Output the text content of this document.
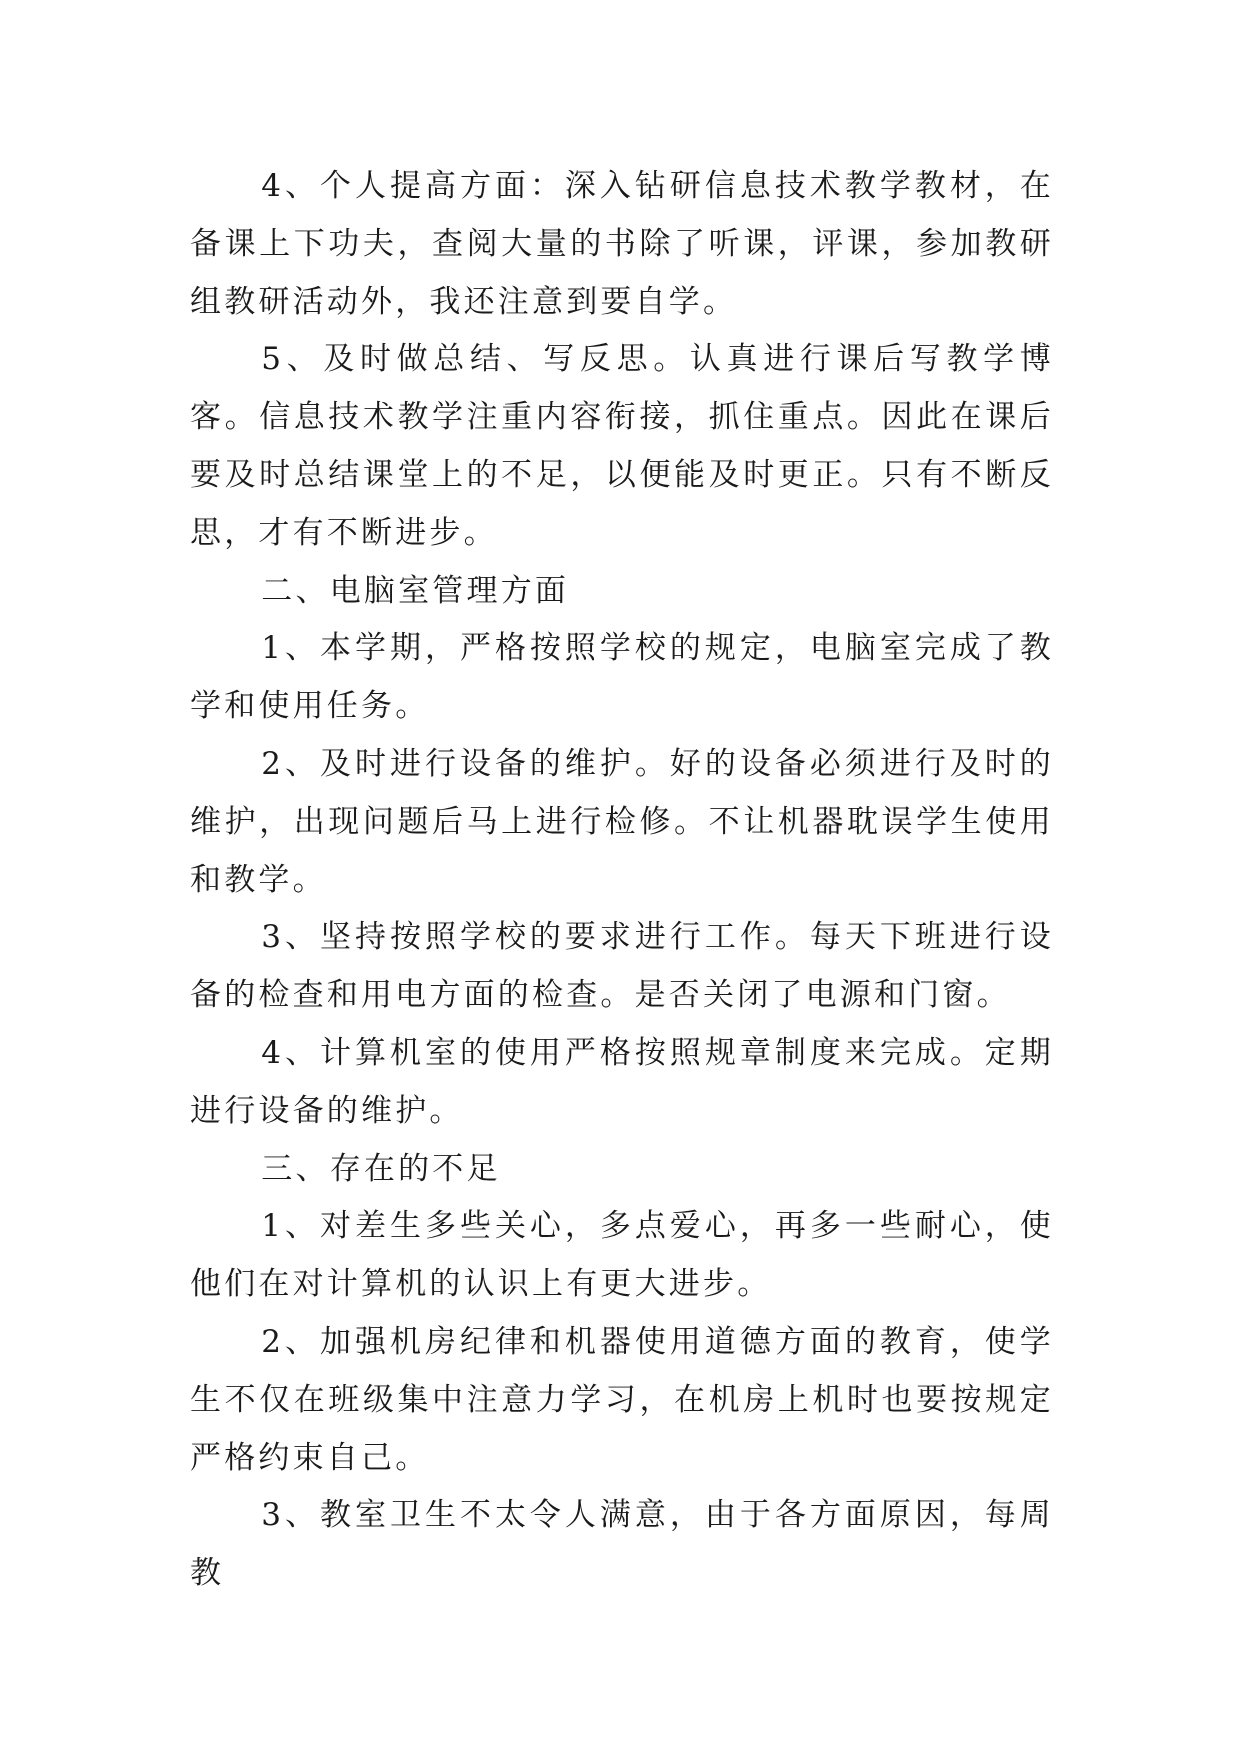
4、个人提高方面：深入钻研信息技术教学教材，在备课上下功夫，查阅大量的书除了听课，评课，参加教研组教研活动外，我还注意到要自学。

5、及时做总结、写反思。认真进行课后写教学博客。信息技术教学注重内容衔接，抓住重点。因此在课后要及时总结课堂上的不足，以便能及时更正。只有不断反思，才有不断进步。

二、电脑室管理方面

1、本学期，严格按照学校的规定，电脑室完成了教学和使用任务。

2、及时进行设备的维护。好的设备必须进行及时的维护，出现问题后马上进行检修。不让机器耽误学生使用和教学。

3、坚持按照学校的要求进行工作。每天下班进行设备的检查和用电方面的检查。是否关闭了电源和门窗。

4、计算机室的使用严格按照规章制度来完成。定期进行设备的维护。

三、存在的不足

1、对差生多些关心，多点爱心，再多一些耐心，使他们在对计算机的认识上有更大进步。

2、加强机房纪律和机器使用道德方面的教育，使学生不仅在班级集中注意力学习，在机房上机时也要按规定严格约束自己。

3、教室卫生不太令人满意，由于各方面原因，每周教
